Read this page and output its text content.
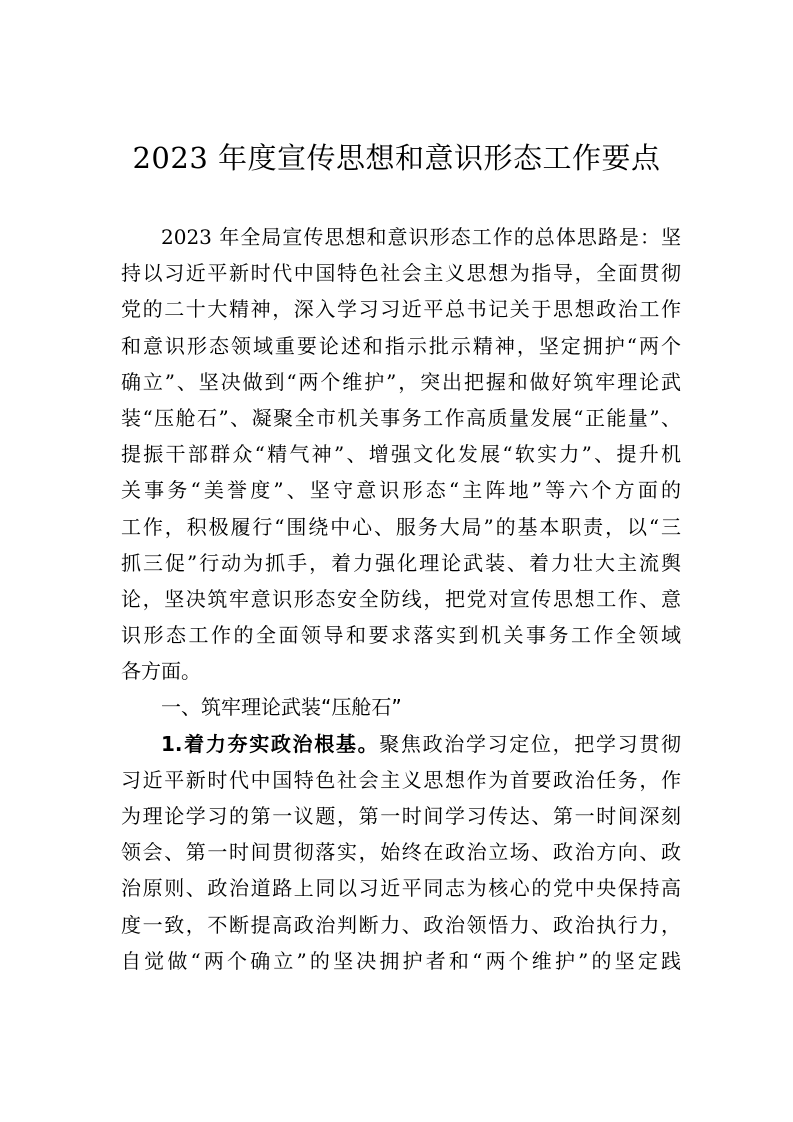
2023 年度宣传思想和意识形态工作要点
2023 年全局宣传思想和意识形态工作的总体思路是：坚
持以习近平新时代中国特色社会主义思想为指导，全面贯彻
党的二十大精神，深入学习习近平总书记关于思想政治工作
和意识形态领域重要论述和指示批示精神，坚定拥护“两个
确立”、坚决做到“两个维护”，突出把握和做好筑牢理论武
装“压舱石”、凝聚全市机关事务工作高质量发展“正能量”、
提振干部群众“精气神”、增强文化发展“软实力”、提升机
关事务“美誉度”、坚守意识形态“主阵地”等六个方面的
工作，积极履行“围绕中心、服务大局”的基本职责，以“三
抓三促”行动为抓手，着力强化理论武装、着力壮大主流舆
论，坚决筑牢意识形态安全防线，把党对宣传思想工作、意
识形态工作的全面领导和要求落实到机关事务工作全领域
各方面。
一、筑牢理论武装“压舱石”
1.着力夯实政治根基。聚焦政治学习定位，把学习贯彻
习近平新时代中国特色社会主义思想作为首要政治任务，作
为理论学习的第一议题，第一时间学习传达、第一时间深刻
领会、第一时间贯彻落实，始终在政治立场、政治方向、政
治原则、政治道路上同以习近平同志为核心的党中央保持高
度一致，不断提高政治判断力、政治领悟力、政治执行力，
自觉做“两个确立”的坚决拥护者和“两个维护”的坚定践
